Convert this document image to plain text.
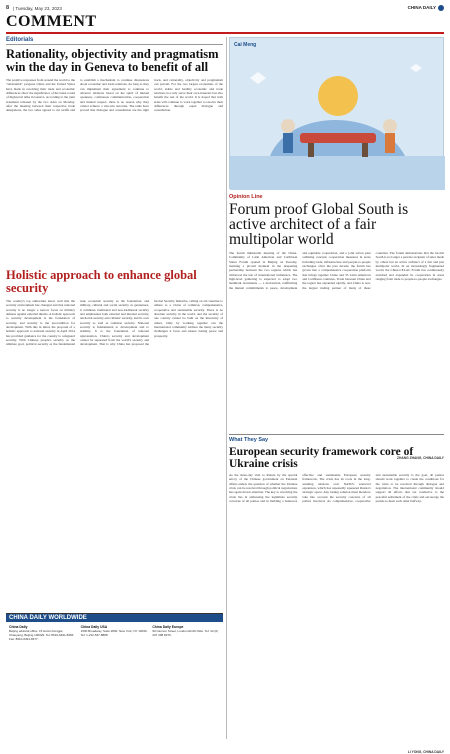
8 | Tuesday, May 23, 2023	CHINA DAILY
COMMENT
Editorials
Rationality, objectivity and pragmatism win the day in Geneva to benefit of all

The positive responses from around the world to the "substantial" progress China and the United States have made in resolving their trade and economic differences show the significance of the latest round of high-level talks in Geneva. According to the joint statement released by the two sides on Monday, after the meeting between their respective trade delegations, the two sides agreed to cut tariffs and to establish a mechanism to continue discussions about economic and trade relations. As long as they can implement their agreement to continue to advance relations based on the spirit of mutual openness, continuous communication, cooperation and mutual respect, there is no reason why they cannot achieve a win-win outcome. The talks have proved that dialogue and consultation are the right track, and rationality, objectivity and pragmatism can prevail. For the two largest economies of the world, stable and healthy economic and trade relations not only serve their own interests but also benefit the rest of the world. It is hoped that both sides will continue to work together to resolve their differences through equal dialogue and consultation.

Holistic approach to enhance global security

The country's top authorities know well that the security environment has changed and that national security is no longer a narrow focus on military defense against external threats. A holistic approach to security development is the foundation of security, and security is the precondition for development. With this in mind, the proposal of a holistic approach to national security in April 2014 has provided guidance for the country to safeguard security. With Chinese people's security as the ultimate goal, political security as the fundamental task, economic security as the foundation, and military, cultural and social security as guarantees, it combines traditional and non-traditional security and emphasizes both external and internal security, territorial security and citizens' security, and its own security as well as common security. National security is fundamental to development and to stability. It is the foundation of national rejuvenation. China's security and development cannot be separated from the world's security and development. That is why China has proposed the Global Security Initiative, calling on all countries to adhere to a vision of common, comprehensive, cooperative and sustainable security. There is no absolute security in the world, and the security of one country cannot be built on the insecurity of others. Only by working together can the international community address the many security challenges it faces and ensure lasting peace and prosperity.

CHINA DAILY WORLDWIDE
China Daily
Beijing editorial office. 15 Huixin Dongjie, Chaoyang, Beijing 100029. Tel: 8610-6491-8366. Fax: 8610-6491-8377.
China Daily USA
1500 Broadway, Suite 2800, New York, NY 10036. Tel: 1-212-537-8888.
China Daily Europe
90 Cannon Street, London EC4N 6HA. Tel: 44 (0) 207 398 8270.
Cai Meng
Opinion Line
Forum proof Global South is active architect of a fair multipolar world

The fourth ministerial meeting of the China-Community of Latin American and Caribbean States Forum opened in Beijing on Tuesday, marking a pivotal moment in the deepening partnership between the two regions which has withstood the test of international turbulence. The high-level gathering is expected to adopt two landmark documents — a declaration, reaffirming the mutual commitments to peace, development and equitable cooperation, and a joint action plan outlining concrete cooperation measures in areas including trade, infrastructure and people-to-people exchanges. Over the past decade, the forum has grown into a comprehensive cooperation platform that brings together China and 33 Latin American and Caribbean countries. Trade between China and the region has expanded rapidly, and China is now the largest trading partner of many of these countries. The forum demonstrates that the Global South is no longer a passive recipient of rules made by others but an active architect of a fair and just multipolar world. In an increasingly fragmented world, the China-CELAC Forum has continuously enriched and expanded its cooperation in areas ranging from trade to people-to-people exchanges.

ZHANG ZHANG, CHINA DAILY
What They Say
European security framework core of Ukraine crisis

As the three-day visit to Russia by the special envoy of the Chinese government on Eurasian affairs ended, the question of whether the Ukraine crisis can be resolved through political negotiations has again drawn attention. The key to resolving the crisis lies in addressing the legitimate security concerns of all parties and in building a balanced, effective and sustainable European security framework. The crisis has its roots in the long-standing tensions over NATO's eastward expansion, which has repeatedly squeezed Russia's strategic space. Any lasting solution must therefore take into account the security concerns of all parties involved. As comprehensive, cooperative and sustainable security is the goal, all parties should work together to create the conditions for the crisis to be resolved through dialogue and negotiation. The international community should support all efforts that are conducive to the peaceful settlement of the crisis and encourage the parties to meet each other halfway.

LI YONG, CHINA DAILY
